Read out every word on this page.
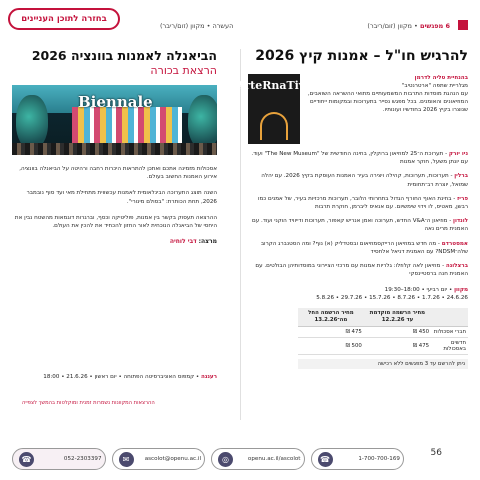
בחזרה לתוכן העניינים
6 מפגשים • מקוון (זום/ריבר)
העשרה • מקוון (זום/ריבר)
להרגיש חו"ל – אמנות קיץ 2026
בהנחיית טליה לדרמן
מגלריית שתפה "ארטרנטיב"
עם הנהגת מוסדות התרבות המשמעותיים מתואי ההשראה השואבים, המוזיאונים והאומנים. בכל מפגש נסייר בתערוכות ובמקומות ייחודיים שנוצרו בקיץ 2026 בחודשיו ועונותיו.
ArteRnaTive
ניו יורק - תערוכת ה־25 למוזיאון ברוקלין, בחינה החודשית של "The New Museum" ועוד. עם יונתן משעל, חוקר אמנות
ברלין - תערוכות, תערוכות, קהילה ויצירה בעיר האמנות העוסקת בקיץ 2026. עם יהלה שמואל, יוצרת רב־תחומית
פריז - בחינת האוף החורף הגדול בתחרותי הלובר, תערוכות מרכזיות בעיר, של אמנים כמו רבשן, מאטיס, לו וידוי שימשיום. עם אנאיס ליברמן, חוקרת תרבות
לונדון - מוזיאון ה־V&A החדש, תערוכה ואמן אנריש קאפור, תערוכות ודייוויד הוקני ועוד. עם האמנית מרים נאה
אמסטרדם - מה חדש במוזיאון הרייקסמוזיאום ובסטדליק (א) נוף? ומה הסטנברג הקרוב שלה־NDSM? עם האמנית דניאל אלחסיד
ברצלונה - מוזיאון לאה קלוזלו: גלריות אמנות עם מרכזי הציירוני במוסדותיהן הבולטים. עם האמנית חנה ברסטיינסקי
מקוון • יום רביעי • 18:00–19:30
24.6.26 • 1.7.26 • 8.7.26 • 15.7.26 • 29.7.26 • 5.8.26
	מחיר הרשמה מוקדמת עד 12.2.26	מחיר הרשמה החל מה־13.2.26
חברי אסכולות	450 ₪	475 ₪
חדשים באסכולות	475 ₪	500 ₪
ניתן להרשם עד 3 מפגשים ללא רכישה
הביאנלה לאמנות בוונציה 2026
הרצאת בכורה
Biennale
אסכולות מזמינה אתכם ואתכן להתראות היכרות רחבה ורהיטה על הביאנלה בוונציה, אירוע האמנות החשוב בעולם.
השנה תוצג התערוכה הבינלאומית לאמנות עכשווית מתחילת מאי ועד סוף נובמבר 2026, תחת הכותרת: "בסולם מינורי".
ההרצאה תעסוק בקשר בין אמנות, פוליטיקה וכסף, וברגרות דוגמאות מהשטח נבין את היחסי של הביאנלה הנוכחית לאור החזון להכחיד את להכין את העולם.
מרצה: דבי לוחיה
רעננה • קמפוס האוניברסיטה הפתוחה • יום ראשון • 21.6.26 • 18:00
ההרצאות המקוונות נשמרות זמנית ומוקלטות בהמשך לצפייה
56
☎	052-2303397	✉	ascolot@openu.ac.il	◎	openu.ac.il/ascolot	☎	1-700-700-169
